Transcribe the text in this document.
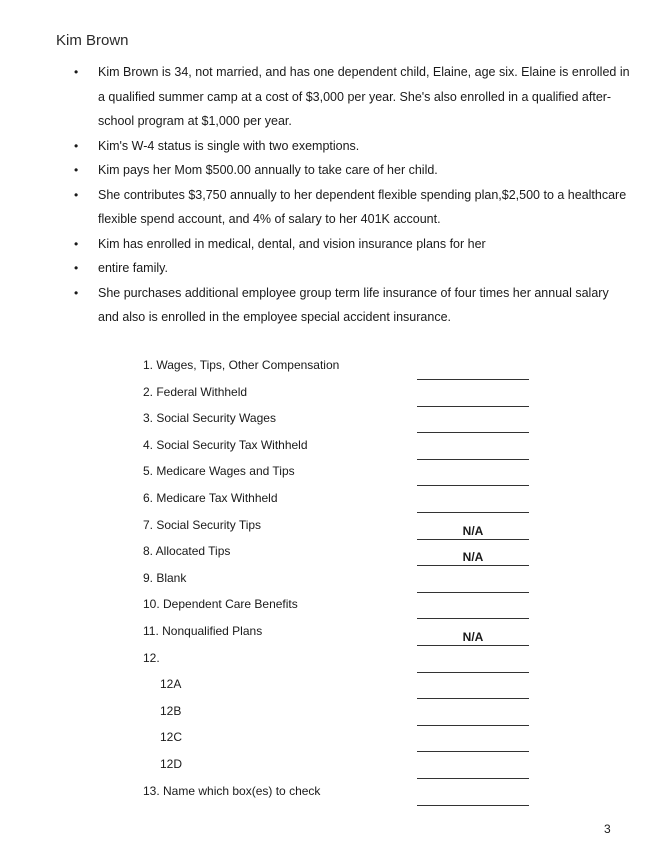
Kim Brown
• Kim Brown is 34, not married, and has one dependent child, Elaine, age six. Elaine is enrolled in a qualified summer camp at a cost of $3,000 per year. She's also enrolled in a qualified after-school program at $1,000 per year.
• Kim's W-4 status is single with two exemptions.
• Kim pays her Mom $500.00 annually to take care of her child.
• She contributes $3,750 annually to her dependent flexible spending plan,$2,500 to a healthcare flexible spend account, and 4% of salary to her 401K account.
• Kim has enrolled in medical, dental, and vision insurance plans for her
• entire family.
• She purchases additional employee group term life insurance of four times her annual salary and also is enrolled in the employee special accident insurance.
1. Wages, Tips, Other Compensation
2. Federal Withheld
3. Social Security Wages
4. Social Security Tax Withheld
5. Medicare Wages and Tips
6. Medicare Tax Withheld
7. Social Security Tips	N/A
8. Allocated Tips	N/A
9. Blank
10. Dependent Care Benefits
11. Nonqualified Plans	N/A
12.
12A
12B
12C
12D
13. Name which box(es) to check
3
